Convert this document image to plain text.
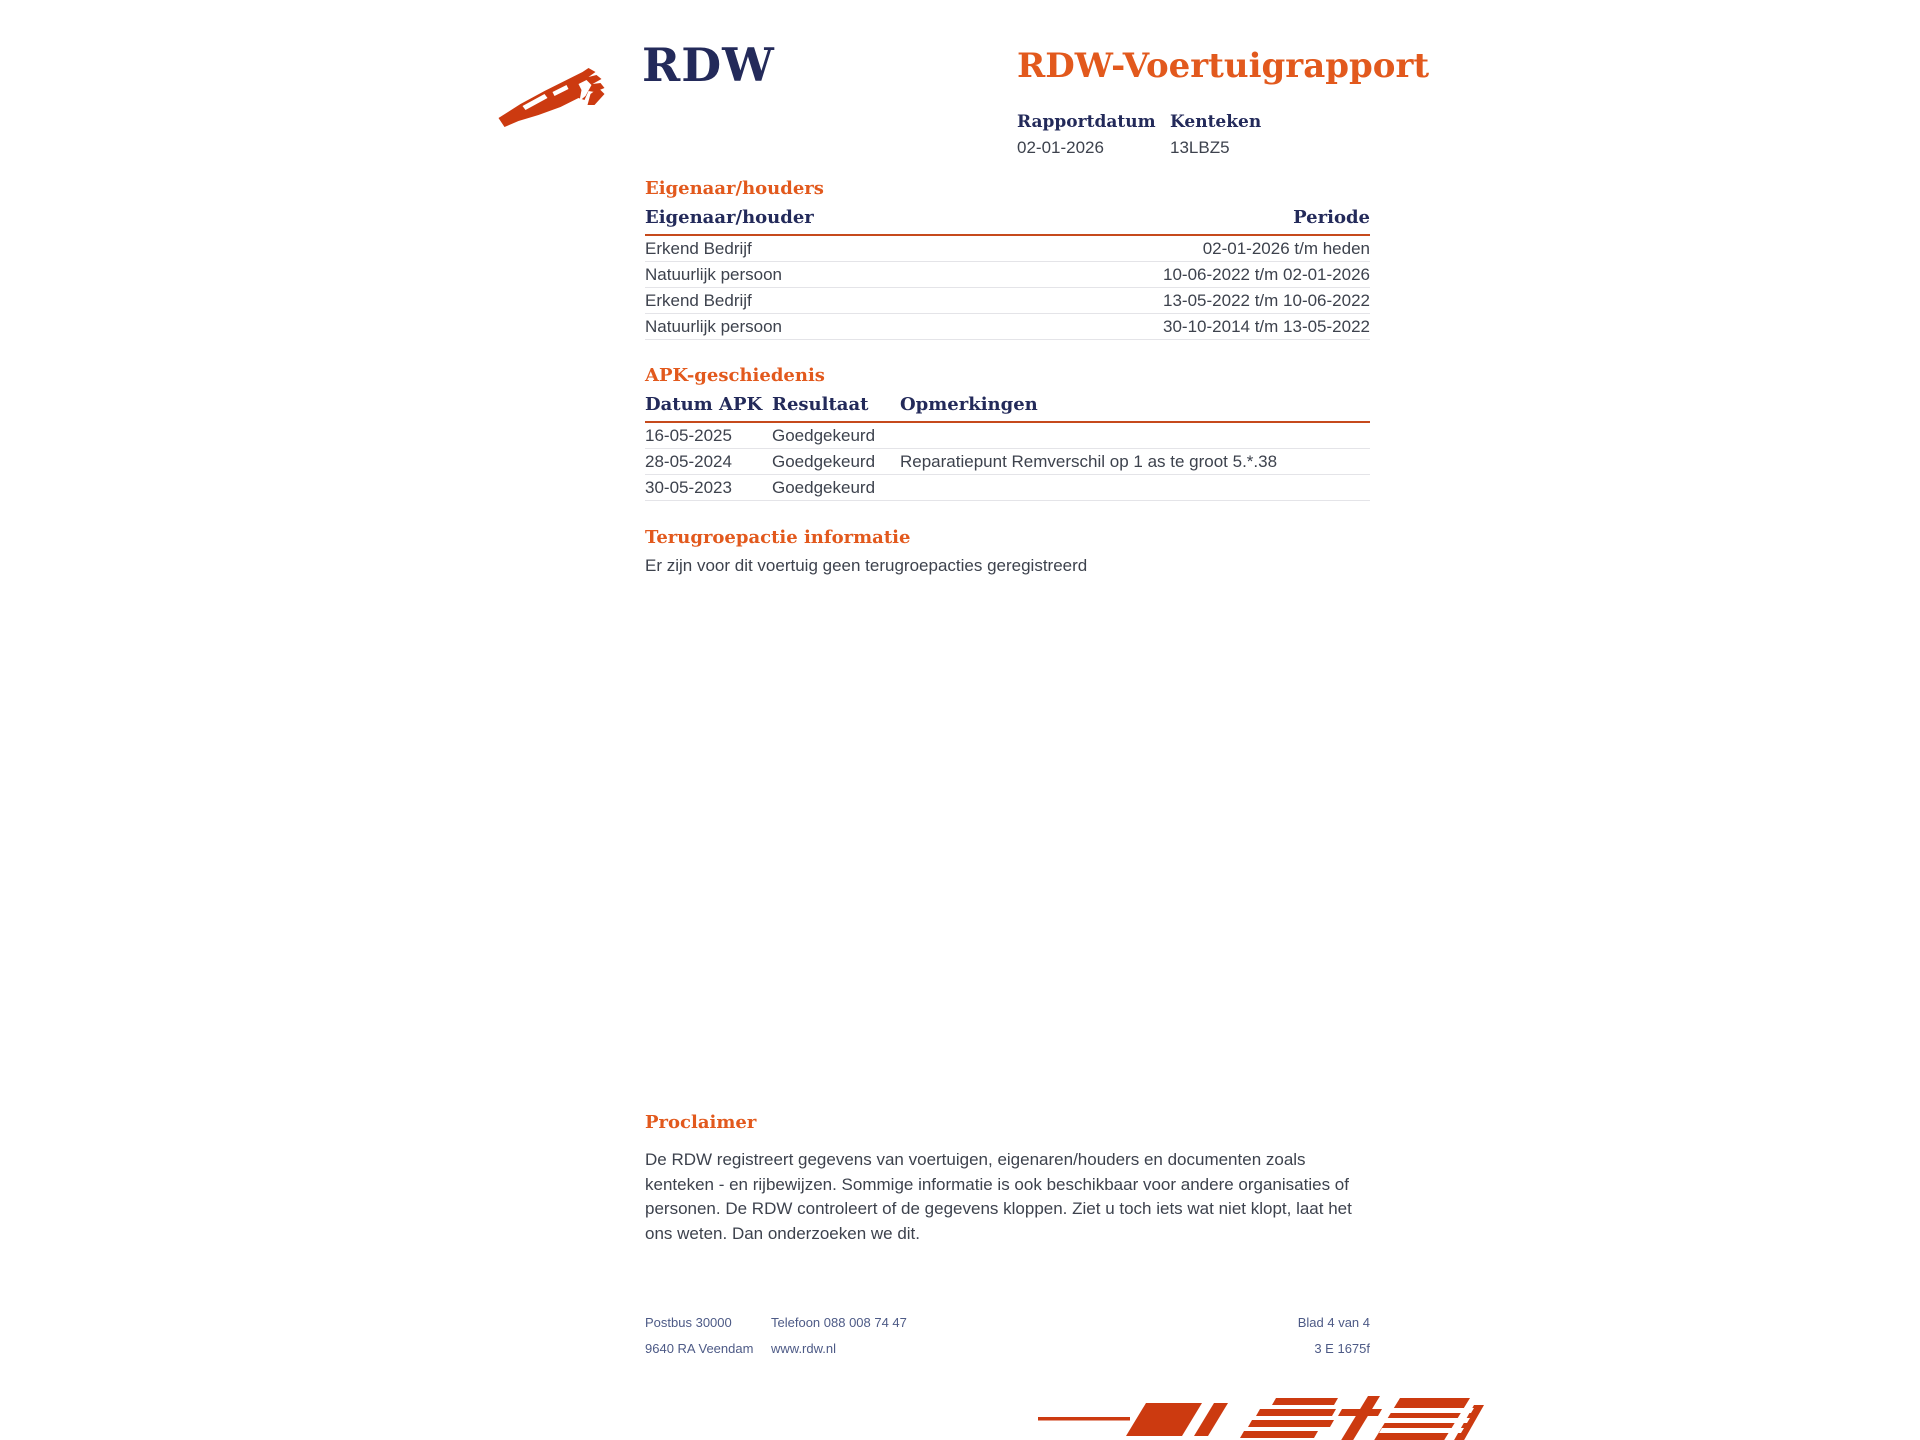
RDW	RDW-Voertuigrapport
Rapportdatum
02-01-2026
Kenteken
13LBZ5
Eigenaar/houders
Eigenaar/houder	Periode
Erkend Bedrijf	02-01-2026 t/m heden
Natuurlijk persoon	10-06-2022 t/m 02-01-2026
Erkend Bedrijf	13-05-2022 t/m 10-06-2022
Natuurlijk persoon	30-10-2014 t/m 13-05-2022
APK-geschiedenis
Datum APK	Resultaat	Opmerkingen
16-05-2025	Goedgekeurd	
28-05-2024	Goedgekeurd	Reparatiepunt Remverschil op 1 as te groot 5.*.38
30-05-2023	Goedgekeurd	
Terugroepactie informatie

Er zijn voor dit voertuig geen terugroepacties geregistreerd

Proclaimer

De RDW registreert gegevens van voertuigen, eigenaren/houders en documenten zoals kenteken - en rijbewijzen. Sommige informatie is ook beschikbaar voor andere organisaties of personen. De RDW controleert of de gegevens kloppen. Ziet u toch iets wat niet klopt, laat het ons weten. Dan onderzoeken we dit.

Postbus 30000
9640 RA Veendam
Telefoon 088 008 74 47
www.rdw.nl
Blad 4 van 4
3 E 1675f
